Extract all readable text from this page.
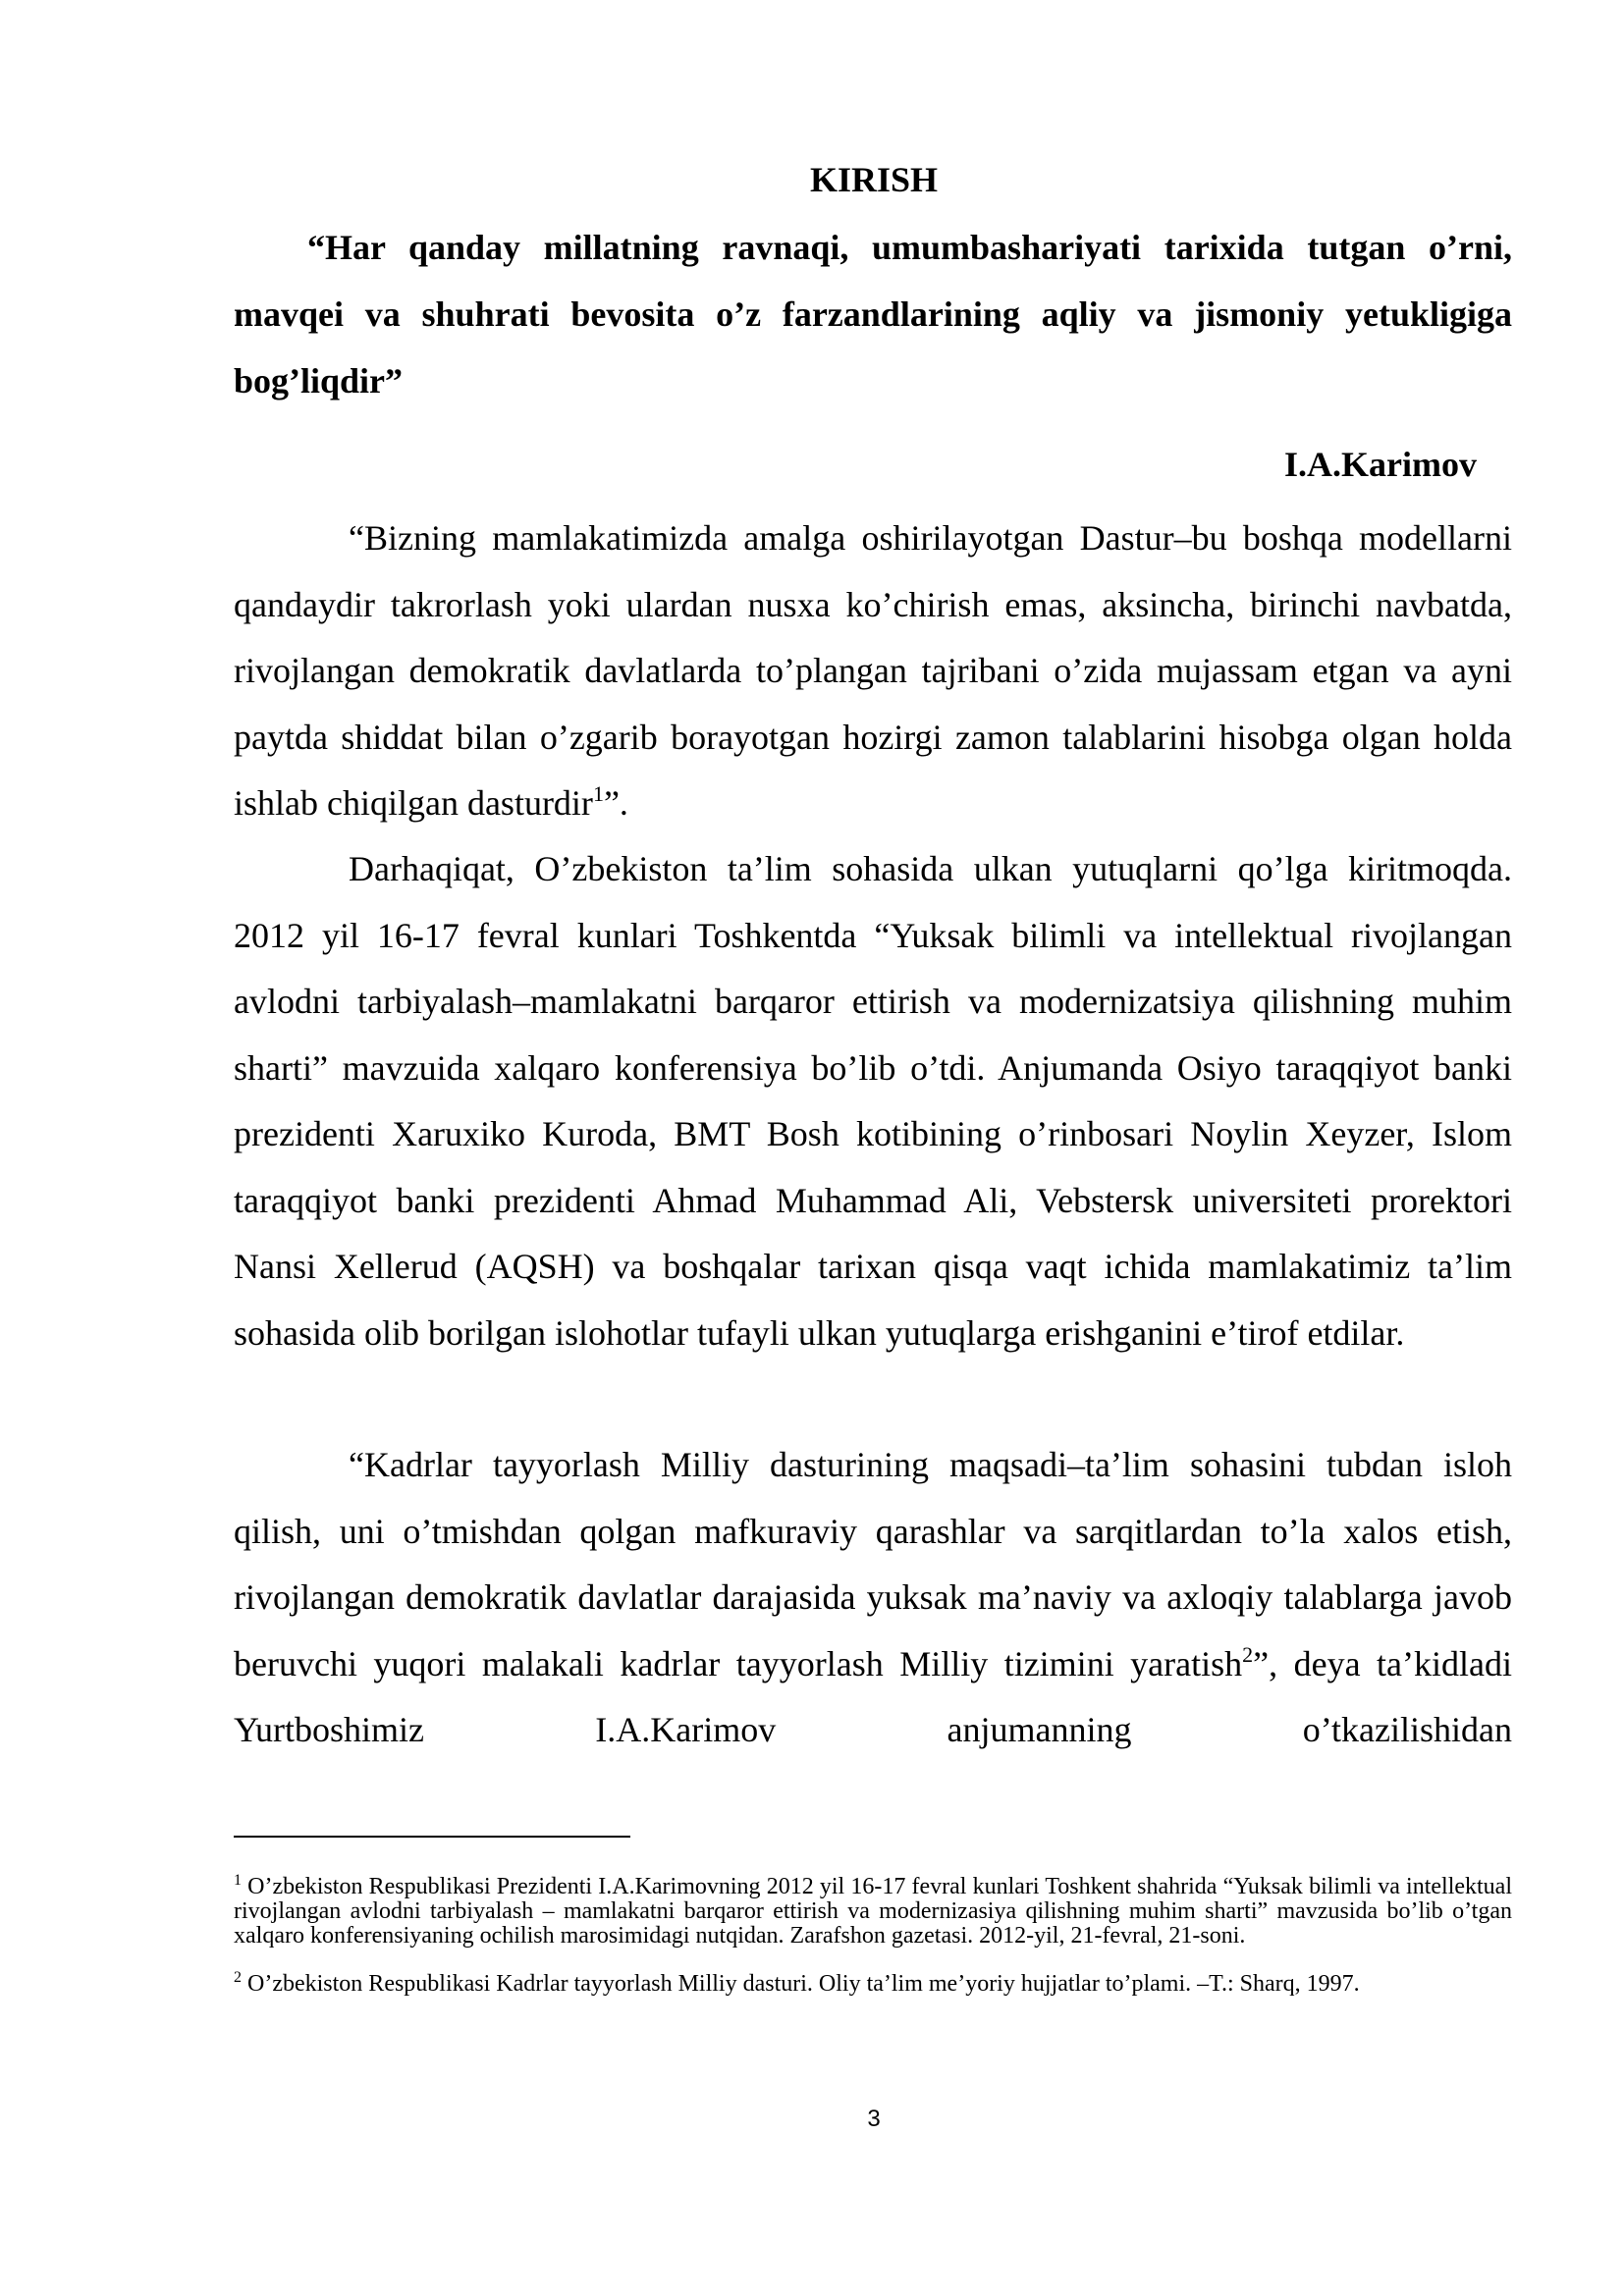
KIRISH
“Har qanday millatning ravnaqi, umumbashariyati tarixida tutgan o’rni, mavqei va shuhrati bevosita o’z farzandlarining aqliy va jismoniy yetukligiga bog’liqdir”
I.A.Karimov
“Bizning mamlakatimizda amalga oshirilayotgan Dastur–bu boshqa modellarni qandaydir takrorlash yoki ulardan nusxa ko’chirish emas, aksincha, birinchi navbatda, rivojlangan demokratik davlatlarda to’plangan tajribani o’zida mujassam etgan va ayni paytda shiddat bilan o’zgarib borayotgan hozirgi zamon talablarini hisobga olgan holda ishlab chiqilgan dasturdir$^1$”.
Darhaqiqat, O’zbekiston ta’lim sohasida ulkan yutuqlarni qo’lga kiritmoqda. 2012 yil 16-17 fevral kunlari Toshkentda “Yuksak bilimli va intellektual rivojlangan avlodni tarbiyalash–mamlakatni barqaror ettirish va modernizatsiya qilishning muhim sharti” mavzuida xalqaro konferensiya bo’lib o’tdi. Anjumanda Osiyo taraqqiyot banki prezidenti Xaruxiko Kuroda, BMT Bosh kotibining o’rinbosari Noylin Xeyzer, Islom taraqqiyot banki prezidenti Ahmad Muhammad Ali, Vebstersk universiteti prorektori Nansi Xellerud (AQSH) va boshqalar tarixan qisqa vaqt ichida mamlakatimiz ta’lim sohasida olib borilgan islohotlar tufayli ulkan yutuqlarga erishganini e’tirof etdilar.
“Kadrlar tayyorlash Milliy dasturining maqsadi–ta’lim sohasini tubdan isloh qilish, uni o’tmishdan qolgan mafkuraviy qarashlar va sarqitlardan to’la xalos etish, rivojlangan demokratik davlatlar darajasida yuksak ma’naviy va axloqiy talablarga javob beruvchi yuqori malakali kadrlar tayyorlash Milliy tizimini yaratish$^2$”, deya ta’kidladi Yurtboshimiz I.A.Karimov anjumanning o’tkazilishidan
$^1$ O’zbekiston Respublikasi Prezidenti I.A.Karimovning 2012 yil 16-17 fevral kunlari Toshkent shahrida “Yuksak bilimli va intellektual rivojlangan avlodni tarbiyalash – mamlakatni barqaror ettirish va modernizasiya qilishning muhim sharti” mavzusida bo’lib o’tgan xalqaro konferensiyaning ochilish marosimidagi nutqidan. Zarafshon gazetasi. 2012-yil, 21-fevral, 21-soni.
$^2$ O’zbekiston Respublikasi Kadrlar tayyorlash Milliy dasturi. Oliy ta’lim me’yoriy hujjatlar to’plami. –T.: Sharq, 1997.
3
